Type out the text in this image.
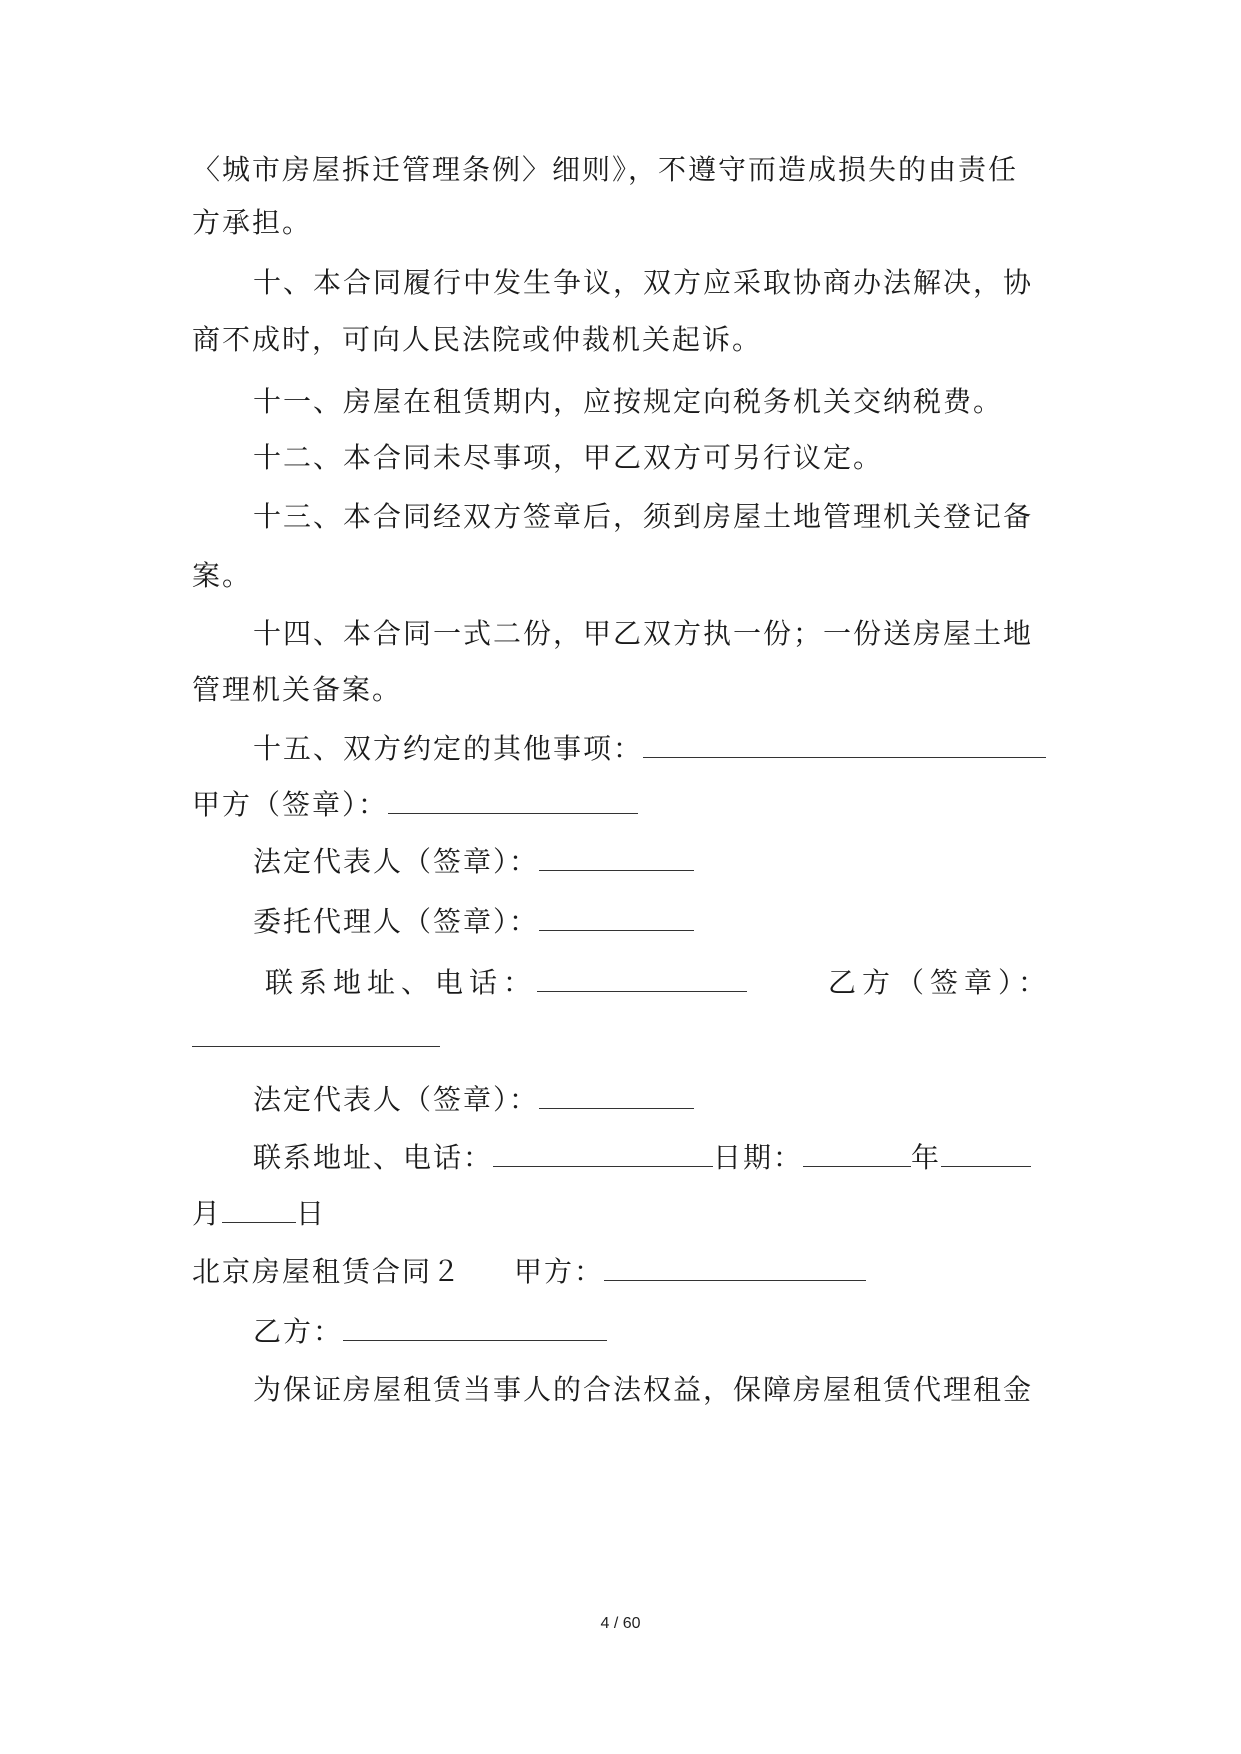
〈城市房屋拆迁管理条例〉细则》，不遵守而造成损失的由责任
方承担。
十、本合同履行中发生争议，双方应采取协商办法解决，协
商不成时，可向人民法院或仲裁机关起诉。
十一、房屋在租赁期内，应按规定向税务机关交纳税费。
十二、本合同未尽事项，甲乙双方可另行议定。
十三、本合同经双方签章后，须到房屋土地管理机关登记备
案。
十四、本合同一式二份，甲乙双方执一份；一份送房屋土地
管理机关备案。
十五、双方约定的其他事项：
甲方（签章）：
法定代表人（签章）：
委托代理人（签章）：
联系地址、电话：	乙方（签章）：
法定代表人（签章）：
联系地址、电话：	日期：	年
月	日
北京房屋租赁合同２ 甲方：
乙方：
为保证房屋租赁当事人的合法权益，保障房屋租赁代理租金
4 / 60
